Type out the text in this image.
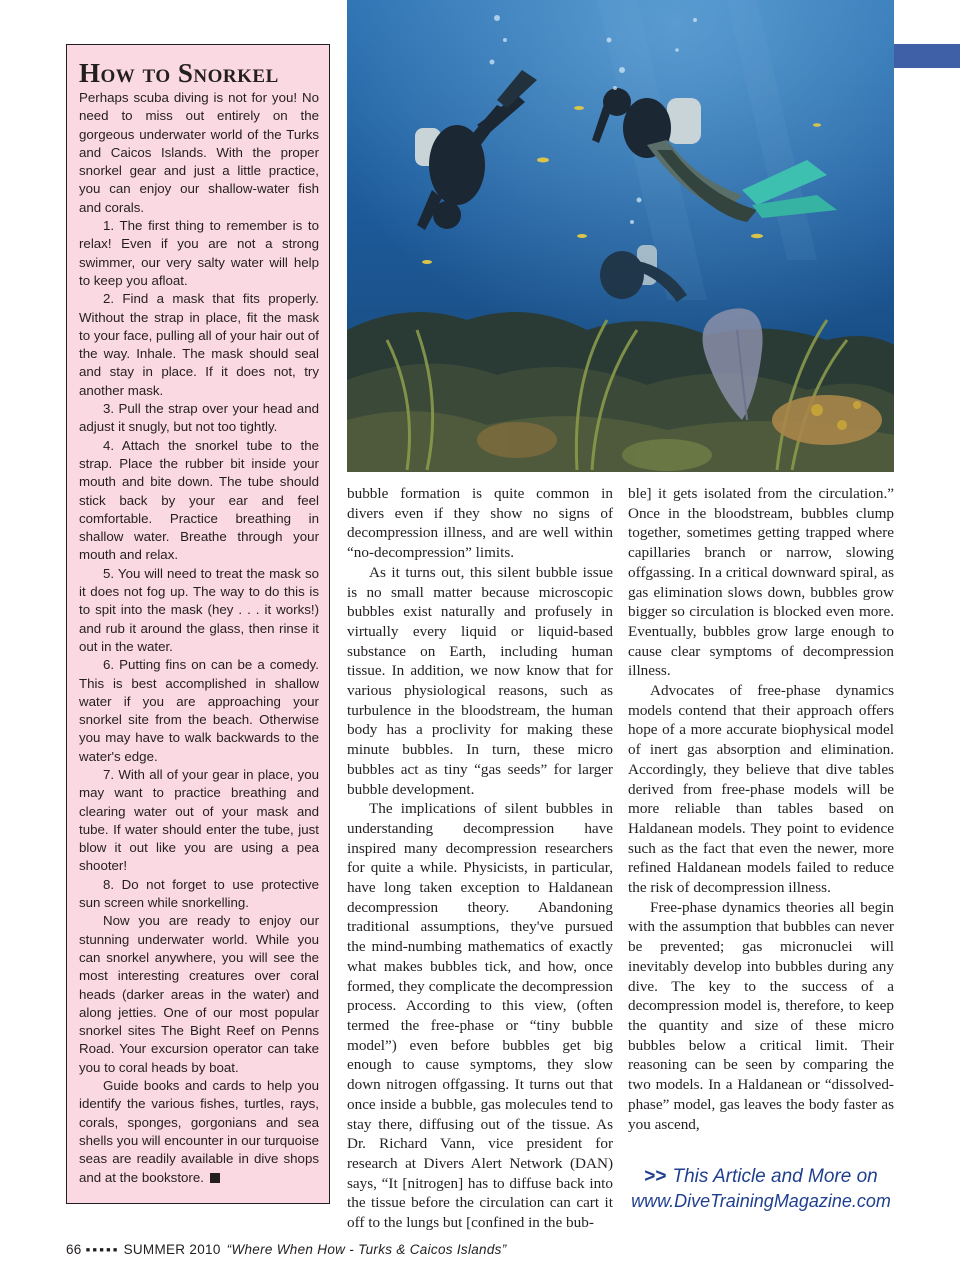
How to Snorkel

Perhaps scuba diving is not for you! No need to miss out entirely on the gorgeous underwater world of the Turks and Caicos Islands. With the proper snorkel gear and just a little practice, you can enjoy our shallow-water fish and corals.

1. The first thing to remember is to relax! Even if you are not a strong swimmer, our very salty water will help to keep you afloat.

2. Find a mask that fits properly. Without the strap in place, fit the mask to your face, pulling all of your hair out of the way. Inhale. The mask should seal and stay in place. If it does not, try another mask.

3. Pull the strap over your head and adjust it snugly, but not too tightly.

4. Attach the snorkel tube to the strap. Place the rubber bit inside your mouth and bite down. The tube should stick back by your ear and feel comfortable. Practice breathing in shallow water. Breathe through your mouth and relax.

5. You will need to treat the mask so it does not fog up. The way to do this is to spit into the mask (hey . . . it works!) and rub it around the glass, then rinse it out in the water.

6. Putting fins on can be a comedy. This is best accomplished in shallow water if you are approaching your snorkel site from the beach. Otherwise you may have to walk backwards to the water's edge.

7. With all of your gear in place, you may want to practice breathing and clearing water out of your mask and tube. If water should enter the tube, just blow it out like you are using a pea shooter!

8. Do not forget to use protective sun screen while snorkelling.

Now you are ready to enjoy our stunning underwater world. While you can snorkel anywhere, you will see the most interesting creatures over coral heads (darker areas in the water) and along jetties. One of our most popular snorkel sites The Bight Reef on Penns Road. Your excursion operator can take you to coral heads by boat.

Guide books and cards to help you identify the various fishes, turtles, rays, corals, sponges, gorgonians and sea shells you will encounter in our turquoise seas are readily available in dive shops and at the bookstore.

bubble formation is quite common in divers even if they show no signs of decompression illness, and are well within “no-decompression” limits.

As it turns out, this silent bubble issue is no small matter because microscopic bubbles exist naturally and profusely in virtually every liquid or liquid-based substance on Earth, including human tissue. In addition, we now know that for various physiological reasons, such as turbulence in the bloodstream, the human body has a proclivity for making these minute bubbles. In turn, these micro bubbles act as tiny “gas seeds” for larger bubble development.

The implications of silent bubbles in understanding decompression have inspired many decompression researchers for quite a while. Physicists, in particular, have long taken exception to Haldanean decompression theory. Abandoning traditional assumptions, they've pursued the mind-numbing mathematics of exactly what makes bubbles tick, and how, once formed, they complicate the decompression process. According to this view, (often termed the free-phase or “tiny bubble model”) even before bubbles get big enough to cause symptoms, they slow down nitrogen offgassing. It turns out that once inside a bubble, gas molecules tend to stay there, diffusing out of the tissue. As Dr. Richard Vann, vice president for research at Divers Alert Network (DAN) says, “It [nitrogen] has to diffuse back into the tissue before the circulation can cart it off to the lungs but [confined in the bub-

ble] it gets isolated from the circulation.” Once in the bloodstream, bubbles clump together, sometimes getting trapped where capillaries branch or narrow, slowing offgassing. In a critical downward spiral, as gas elimination slows down, bubbles grow bigger so circulation is blocked even more. Eventually, bubbles grow large enough to cause clear symptoms of decompression illness.

Advocates of free-phase dynamics models contend that their approach offers hope of a more accurate biophysical model of inert gas absorption and elimination. Accordingly, they believe that dive tables derived from free-phase models will be more reliable than tables based on Haldanean models. They point to evidence such as the fact that even the newer, more refined Haldanean models failed to reduce the risk of decompression illness.

Free-phase dynamics theories all begin with the assumption that bubbles can never be prevented; gas micronuclei will inevitably develop into bubbles during any dive. The key to the success of a decompression model is, therefore, to keep the quantity and size of these micro bubbles below a critical limit. Their reasoning can be seen by comparing the two models. In a Haldanean or “dissolved-phase” model, gas leaves the body faster as you ascend,

>> This Article and More on
www.DiveTrainingMagazine.com
66 ▪▪▪▪▪ SUMMER 2010 “Where When How - Turks & Caicos Islands”
